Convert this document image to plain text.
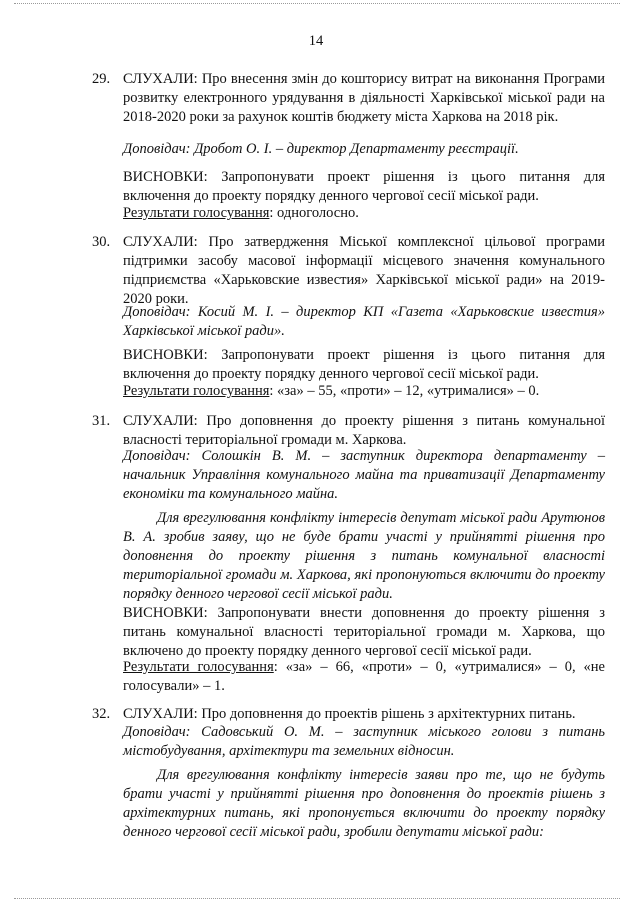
14
29. СЛУХАЛИ: Про внесення змін до кошторису витрат на виконання Програми розвитку електронного урядування в діяльності Харківської міської ради на 2018-2020 роки за рахунок коштів бюджету міста Харкова на 2018 рік.

Доповідач: Дробот О. І. – директор Департаменту реєстрації.

ВИСНОВКИ: Запропонувати проект рішення із цього питання для включення до проекту порядку денного чергової сесії міської ради.

Результати голосування: одноголосно.
30. СЛУХАЛИ: Про затвердження Міської комплексної цільової програми підтримки засобу масової інформації місцевого значення комунального підприємства «Харьковские известия» Харківської міської ради» на 2019-2020 роки.

Доповідач: Косий М. І. – директор КП «Газета «Харьковские известия» Харківської міської ради».

ВИСНОВКИ: Запропонувати проект рішення із цього питання для включення до проекту порядку денного чергової сесії міської ради.

Результати голосування: «за» – 55, «проти» – 12, «утрималися» – 0.
31. СЛУХАЛИ: Про доповнення до проекту рішення з питань комунальної власності територіальної громади м. Харкова.

Доповідач: Солошкін В. М. – заступник директора департаменту – начальник Управління комунального майна та приватизації Департаменту економіки та комунального майна.
Для врегулювання конфлікту інтересів депутат міської ради Арутюнов В. А. зробив заяву, що не буде брати участі у прийнятті рішення про доповнення до проекту рішення з питань комунальної власності територіальної громади м. Харкова, які пропонуються включити до проекту порядку денного чергової сесії міської ради.

ВИСНОВКИ: Запропонувати внести доповнення до проекту рішення з питань комунальної власності територіальної громади м. Харкова, що включено до проекту порядку денного чергової сесії міської ради.

Результати голосування: «за» – 66, «проти» – 0, «утрималися» – 0, «не голосували» – 1.

32. СЛУХАЛИ: Про доповнення до проектів рішень з архітектурних питань.
Доповідач: Садовський О. М. – заступник міського голови з питань містобудування, архітектури та земельних відносин.
Для врегулювання конфлікту інтересів заяви про те, що не будуть брати участі у прийнятті рішення про доповнення до проектів рішень з архітектурних питань, які пропонується включити до проекту порядку денного чергової сесії міської ради, зробили депутати міської ради:
